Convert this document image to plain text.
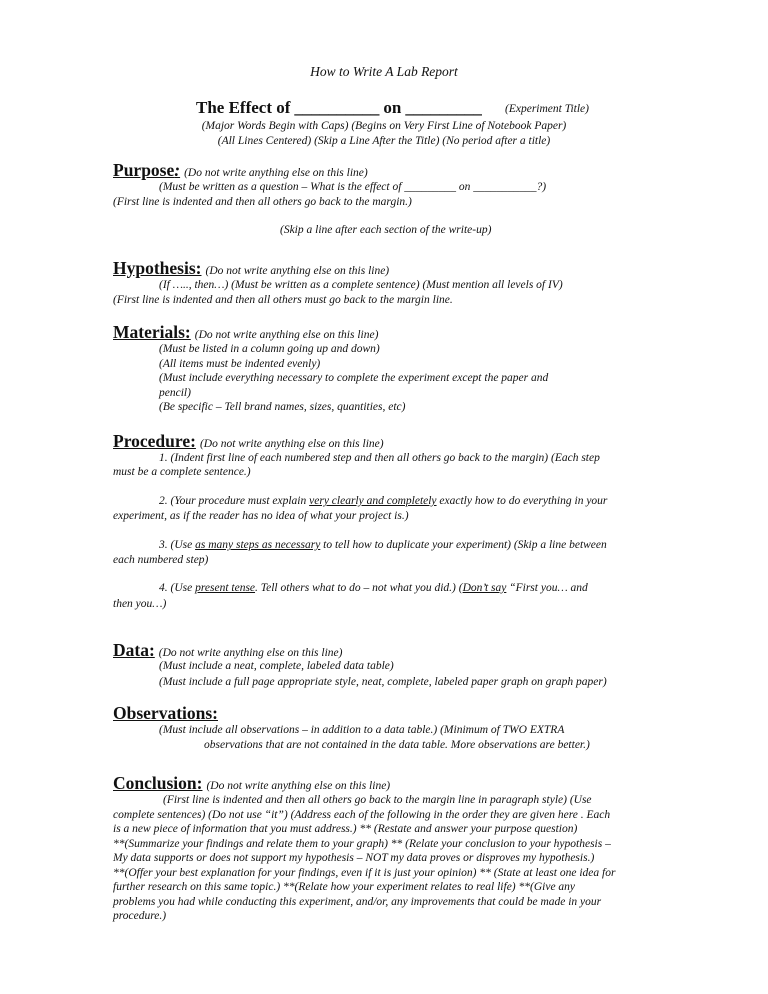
How to Write A Lab Report
The Effect of __________ on _________ (Experiment Title)
(Major Words Begin with Caps) (Begins on Very First Line of Notebook Paper)
(All Lines Centered) (Skip a Line After the Title) (No period after a title)
Purpose: (Do not write anything else on this line)
(Must be written as a question – What is the effect of _________ on ___________?)
(First line is indented and then all others go back to the margin.)
(Skip a line after each section of the write-up)
Hypothesis: (Do not write anything else on this line)
(If ….., then…) (Must be written as a complete sentence) (Must mention all levels of IV)
(First line is indented and then all others must go back to the margin line.
Materials: (Do not write anything else on this line)
(Must be listed in a column going up and down)
(All items must be indented evenly)
(Must include everything necessary to complete the experiment except the paper and
pencil)
(Be specific – Tell brand names, sizes, quantities, etc)
Procedure: (Do not write anything else on this line)
1. (Indent first line of each numbered step and then all others go back to the margin) (Each step
must be a complete sentence.)
2. (Your procedure must explain very clearly and completely exactly how to do everything in your
experiment, as if the reader has no idea of what your project is.)
3. (Use as many steps as necessary to tell how to duplicate your experiment) (Skip a line between
each numbered step)
4. (Use present tense. Tell others what to do – not what you did.) (Don’t say “First you… and
then you…)
Data: (Do not write anything else on this line)
(Must include a neat, complete, labeled data table)
(Must include a full page appropriate style, neat, complete, labeled paper graph on graph paper)
Observations:
(Must include all observations – in addition to a data table.) (Minimum of TWO EXTRA
observations that are not contained in the data table. More observations are better.)
Conclusion: (Do not write anything else on this line)
(First line is indented and then all others go back to the margin line in paragraph style) (Use
complete sentences) (Do not use “it”) (Address each of the following in the order they are given here . Each
is a new piece of information that you must address.) ** (Restate and answer your purpose question)
**(Summarize your findings and relate them to your graph) ** (Relate your conclusion to your hypothesis –
My data supports or does not support my hypothesis – NOT my data proves or disproves my hypothesis.)
**(Offer your best explanation for your findings, even if it is just your opinion) ** (State at least one idea for
further research on this same topic.) **(Relate how your experiment relates to real life) **(Give any
problems you had while conducting this experiment, and/or, any improvements that could be made in your
procedure.)
